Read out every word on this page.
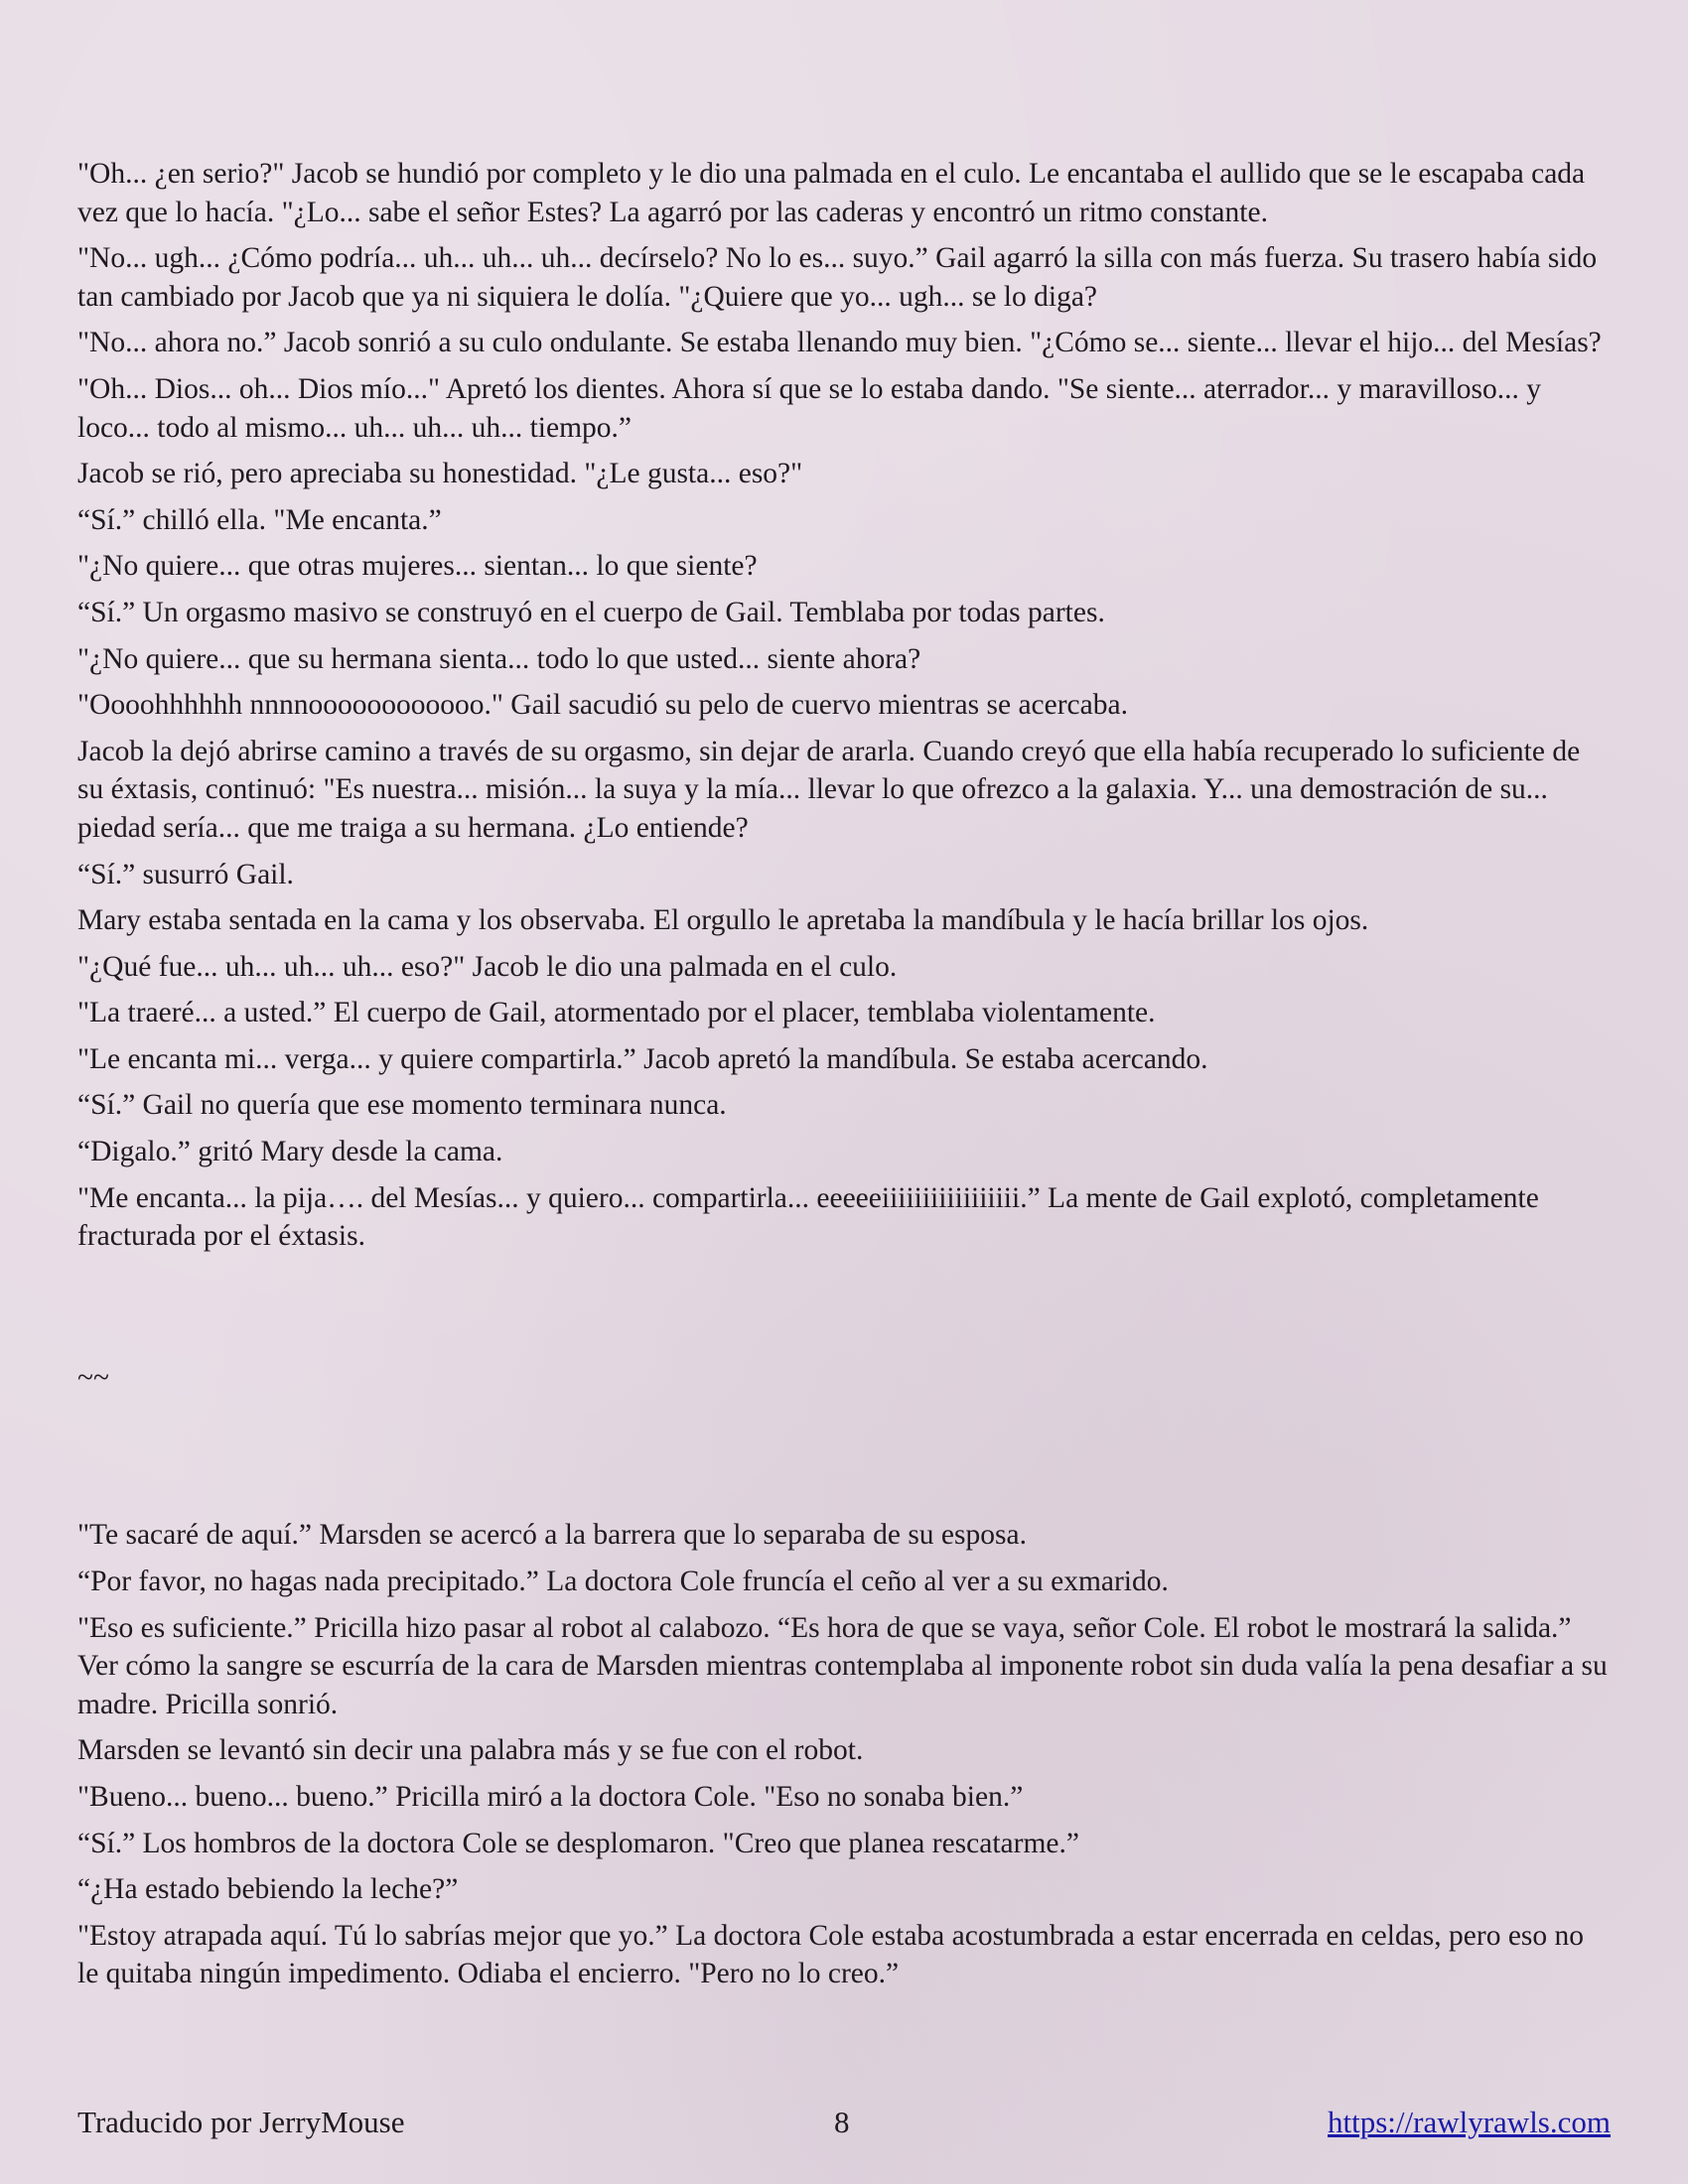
"Oh... ¿en serio?" Jacob se hundió por completo y le dio una palmada en el culo. Le encantaba el aullido que se le escapaba cada vez que lo hacía. "¿Lo... sabe el señor Estes? La agarró por las caderas y encontró un ritmo constante.

"No... ugh... ¿Cómo podría... uh... uh... uh... decírselo? No lo es... suyo.” Gail agarró la silla con más fuerza. Su trasero había sido tan cambiado por Jacob que ya ni siquiera le dolía. "¿Quiere que yo... ugh... se lo diga?

"No... ahora no.” Jacob sonrió a su culo ondulante. Se estaba llenando muy bien. "¿Cómo se... siente... llevar el hijo... del Mesías?

"Oh... Dios... oh... Dios mío..." Apretó los dientes. Ahora sí que se lo estaba dando. "Se siente... aterrador... y maravilloso... y loco... todo al mismo... uh... uh... uh... tiempo.”

Jacob se rió, pero apreciaba su honestidad. "¿Le gusta... eso?"

“Sí.” chilló ella. "Me encanta.”

"¿No quiere... que otras mujeres... sientan... lo que siente?

“Sí.” Un orgasmo masivo se construyó en el cuerpo de Gail. Temblaba por todas partes.

"¿No quiere... que su hermana sienta... todo lo que usted... siente ahora?

"Oooohhhhhh nnnnoooooooooooo." Gail sacudió su pelo de cuervo mientras se acercaba.

Jacob la dejó abrirse camino a través de su orgasmo, sin dejar de ararla. Cuando creyó que ella había recuperado lo suficiente de su éxtasis, continuó: "Es nuestra... misión... la suya y la mía... llevar lo que ofrezco a la galaxia. Y... una demostración de su... piedad sería... que me traiga a su hermana. ¿Lo entiende?

“Sí.” susurró Gail.

Mary estaba sentada en la cama y los observaba. El orgullo le apretaba la mandíbula y le hacía brillar los ojos.

"¿Qué fue... uh... uh... uh... eso?" Jacob le dio una palmada en el culo.

"La traeré... a usted.” El cuerpo de Gail, atormentado por el placer, temblaba violentamente.

"Le encanta mi... verga... y quiere compartirla.” Jacob apretó la mandíbula. Se estaba acercando.

“Sí.” Gail no quería que ese momento terminara nunca.

“Digalo.” gritó Mary desde la cama.

"Me encanta... la pija…. del Mesías... y quiero... compartirla... eeeeeiiiiiiiiiiiiiiiii.” La mente de Gail explotó, completamente fracturada por el éxtasis.

~~

"Te sacaré de aquí.” Marsden se acercó a la barrera que lo separaba de su esposa.

“Por favor, no hagas nada precipitado.” La doctora Cole fruncía el ceño al ver a su exmarido.

"Eso es suficiente.” Pricilla hizo pasar al robot al calabozo. “Es hora de que se vaya, señor Cole. El robot le mostrará la salida.” Ver cómo la sangre se escurría de la cara de Marsden mientras contemplaba al imponente robot sin duda valía la pena desafiar a su madre. Pricilla sonrió.

Marsden se levantó sin decir una palabra más y se fue con el robot.

"Bueno... bueno... bueno.” Pricilla miró a la doctora Cole. "Eso no sonaba bien.”

“Sí.” Los hombros de la doctora Cole se desplomaron. "Creo que planea rescatarme.”

“¿Ha estado bebiendo la leche?”

"Estoy atrapada aquí. Tú lo sabrías mejor que yo.” La doctora Cole estaba acostumbrada a estar encerrada en celdas, pero eso no le quitaba ningún impedimento. Odiaba el encierro. "Pero no lo creo.”

Traducido por JerryMouse	8	https://rawlyrawls.com
